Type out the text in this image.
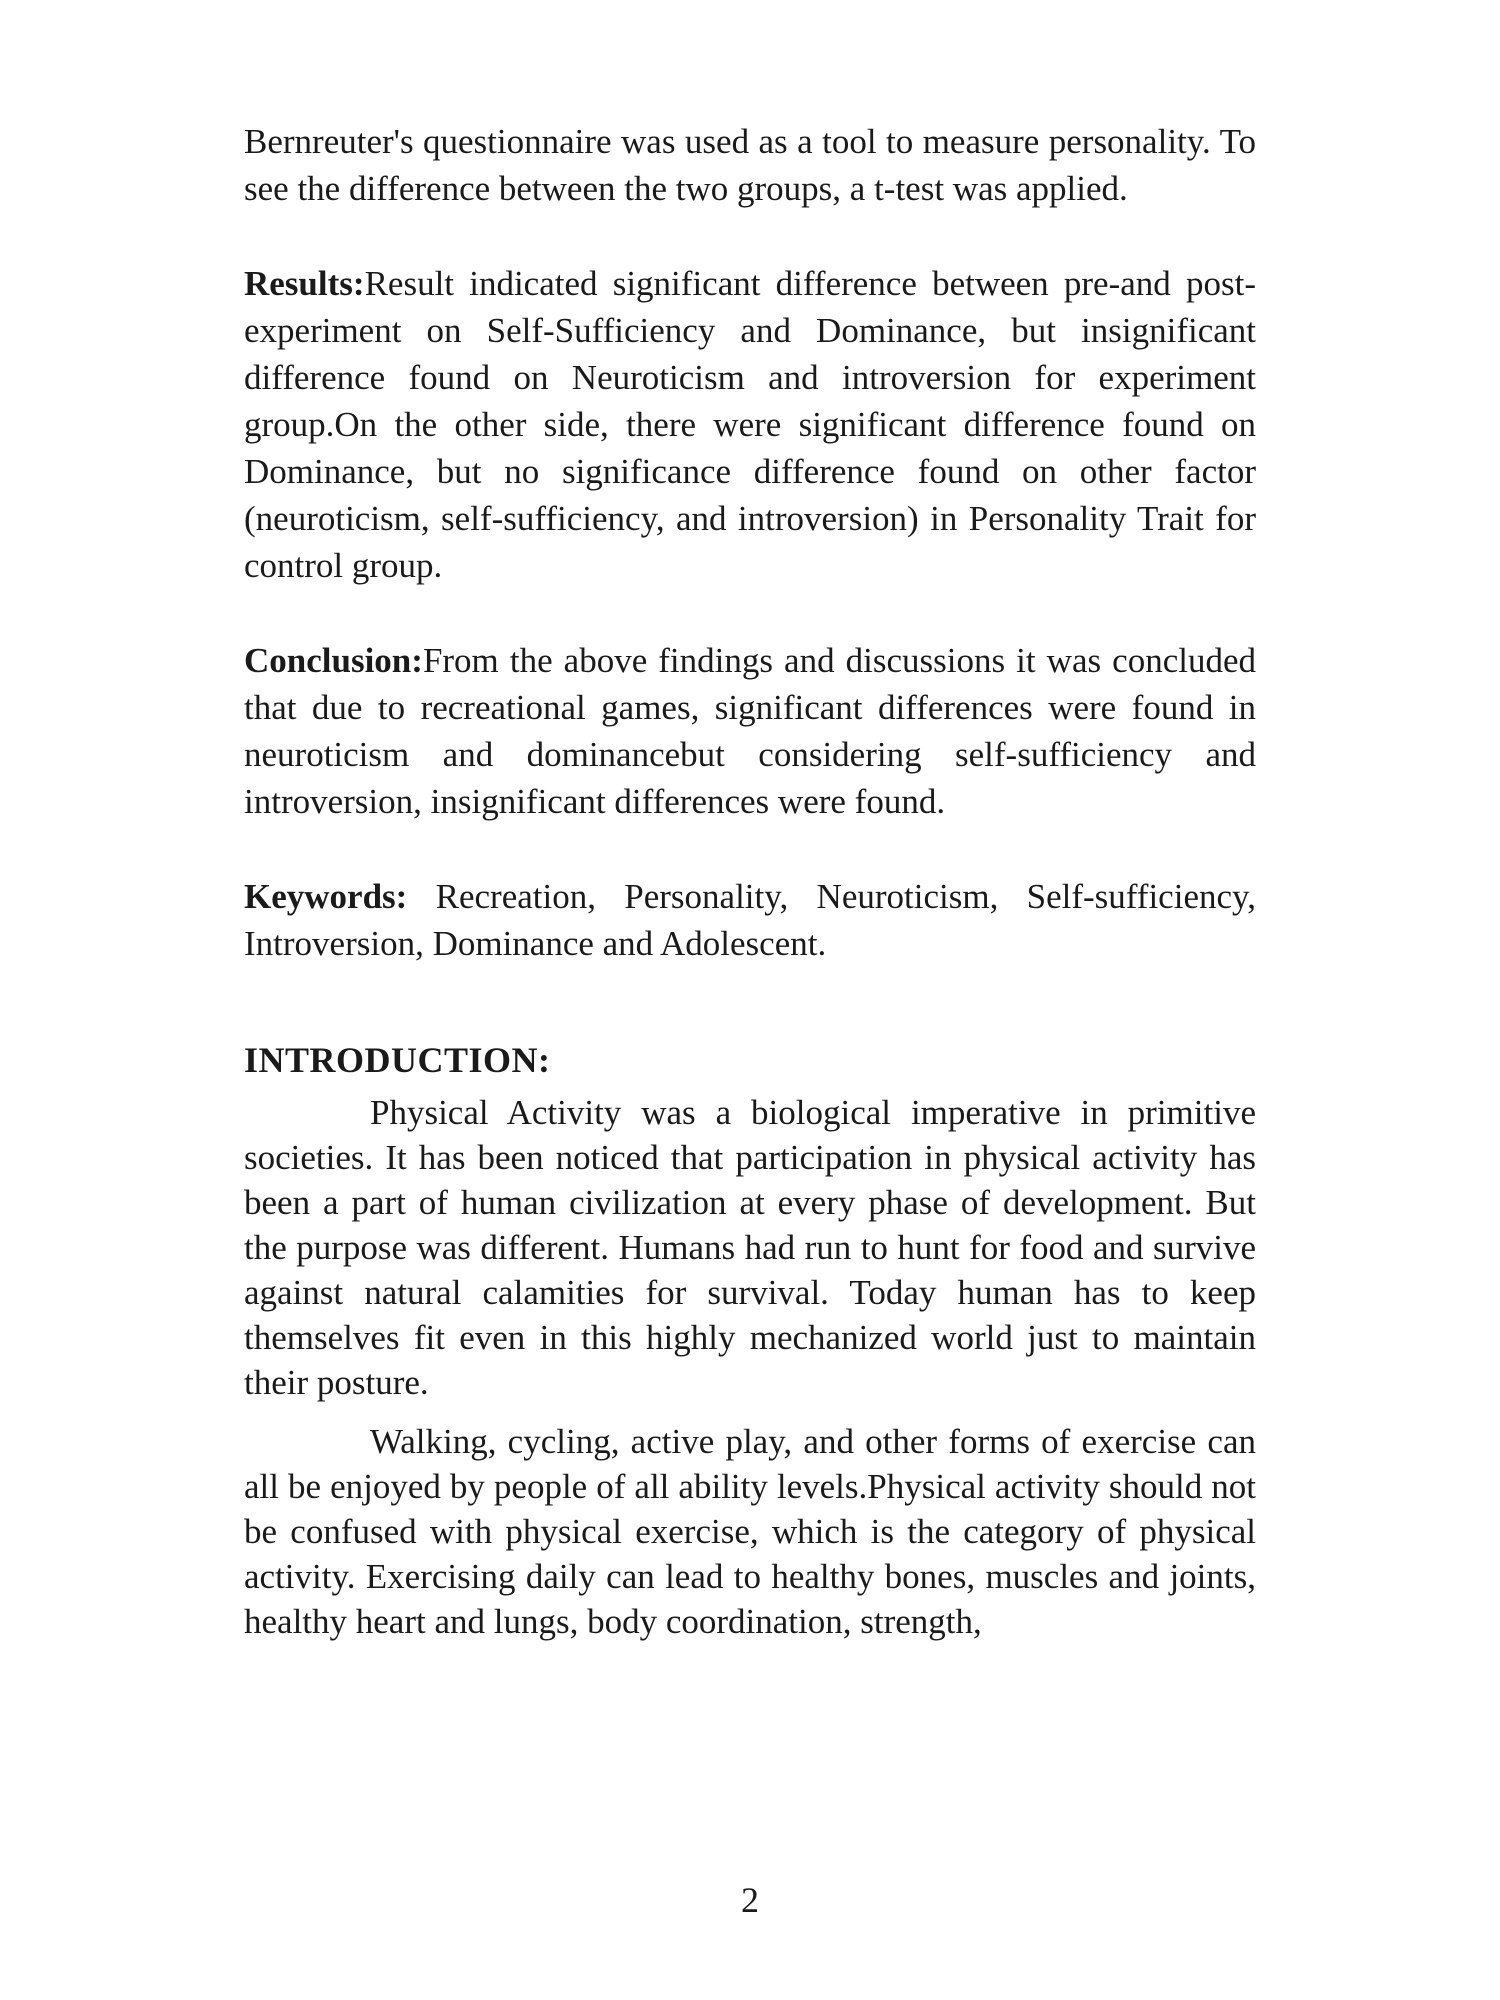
Bernreuter's questionnaire was used as a tool to measure personality. To see the difference between the two groups, a t-test was applied.

Results:Result indicated significant difference between pre-and post-experiment on Self-Sufficiency and Dominance, but insignificant difference found on Neuroticism and introversion for experiment group.On the other side, there were significant difference found on Dominance, but no significance difference found on other factor (neuroticism, self-sufficiency, and introversion) in Personality Trait for control group.

Conclusion:From the above findings and discussions it was concluded that due to recreational games, significant differences were found in neuroticism and dominancebut considering self-sufficiency and introversion, insignificant differences were found.

Keywords: Recreation, Personality, Neuroticism, Self-sufficiency, Introversion, Dominance and Adolescent.

INTRODUCTION:

Physical Activity was a biological imperative in primitive societies. It has been noticed that participation in physical activity has been a part of human civilization at every phase of development. But the purpose was different. Humans had run to hunt for food and survive against natural calamities for survival. Today human has to keep themselves fit even in this highly mechanized world just to maintain their posture.

Walking, cycling, active play, and other forms of exercise can all be enjoyed by people of all ability levels.Physical activity should not be confused with physical exercise, which is the category of physical activity. Exercising daily can lead to healthy bones, muscles and joints, healthy heart and lungs, body coordination, strength,

2
